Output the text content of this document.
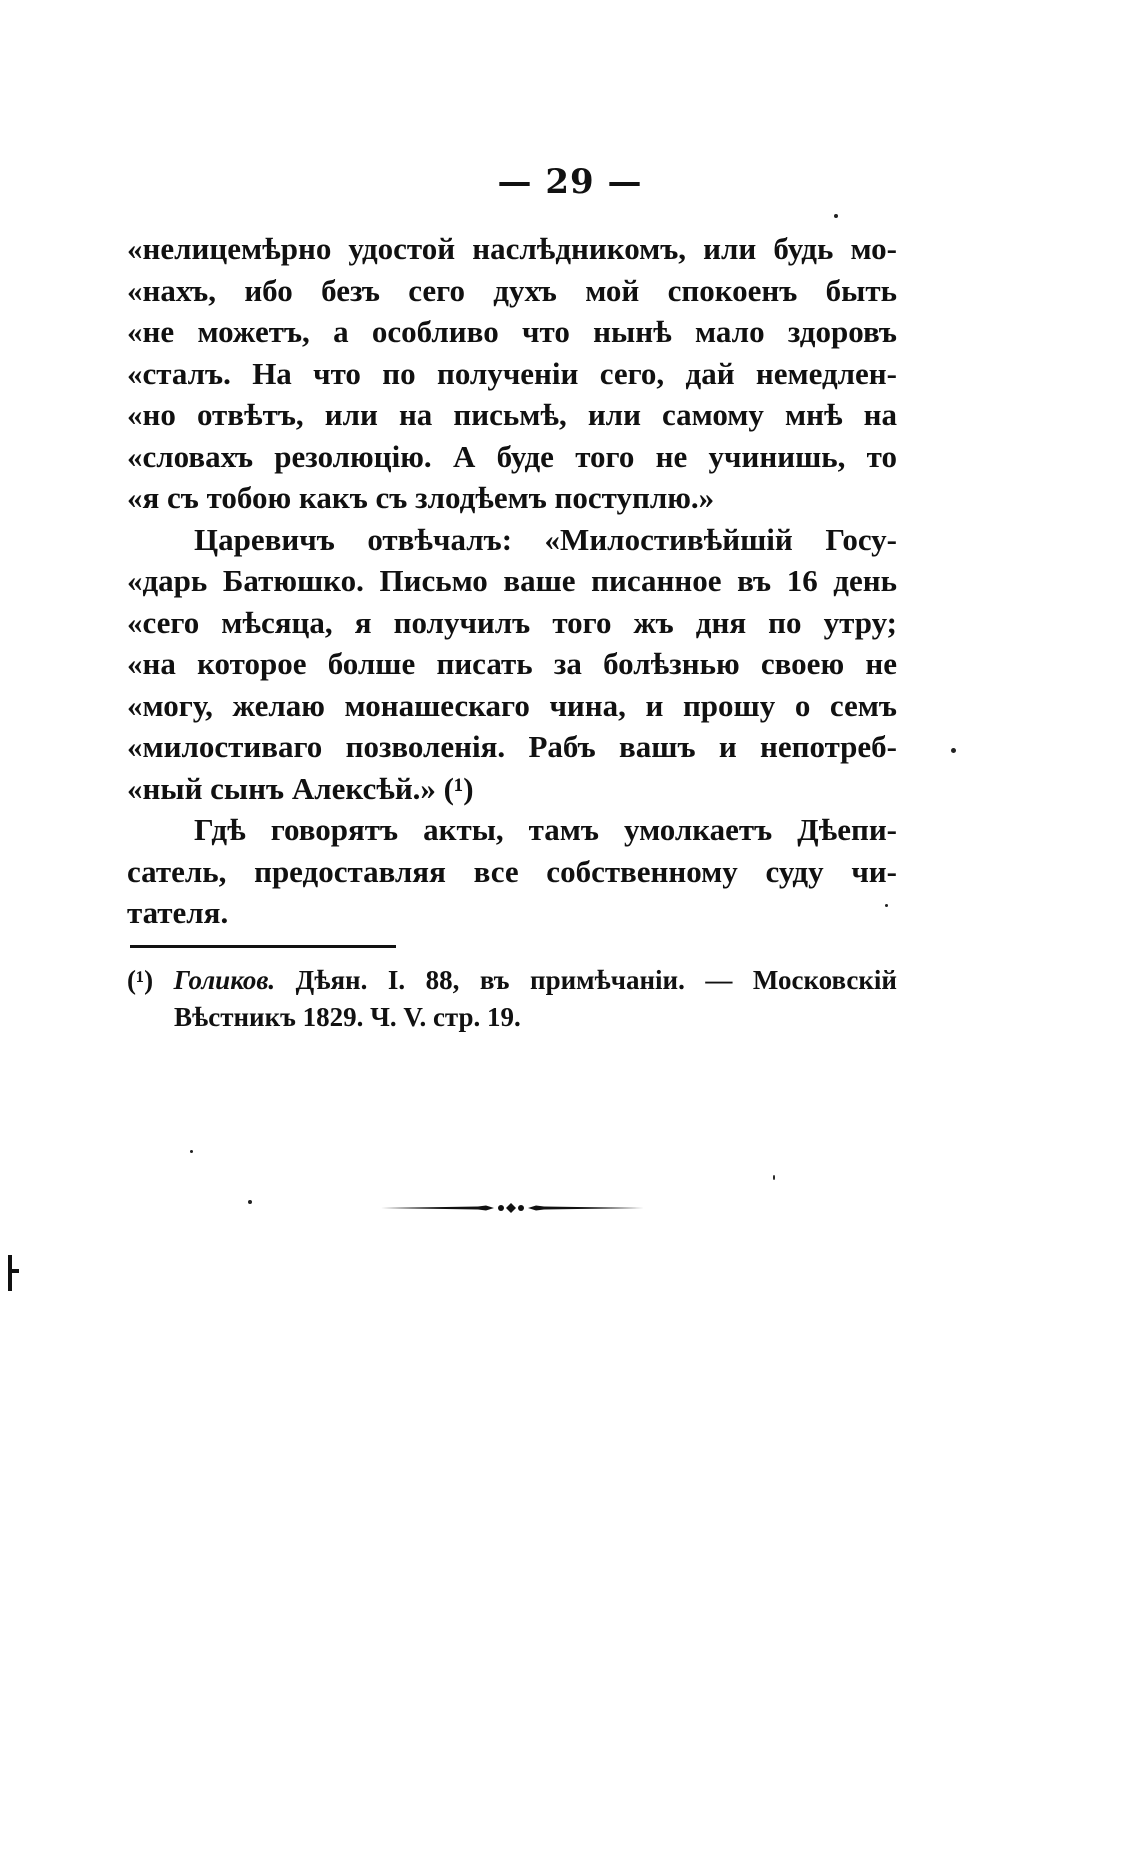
— 29 —
«нелицемѣрно удостой наслѣдникомъ, или будь мо-
«нахъ, ибо безъ сего духъ мой спокоенъ быть
«не можетъ, а особливо что нынѣ мало здоровъ
«сталъ. На что по полученіи сего, дай немедлен-
«но отвѣтъ, или на письмѣ, или самому мнѣ на
«словахъ резолюцію. А буде того не учинишь, то
«я съ тобою какъ съ злодѣемъ поступлю.»
Царевичъ отвѣчалъ: «Милостивѣйшій Госу-
«дарь Батюшко. Письмо ваше писанное въ 16 день
«сего мѣсяца, я получилъ того жъ дня по утру;
«на которое болше писать за болѣзнью своею не
«могу, желаю монашескаго чина, и прошу о семъ
«милостиваго позволенія. Рабъ вашъ и непотреб-
«ный сынъ Алексѣй.» (¹)
Гдѣ говорятъ акты, тамъ умолкаетъ Дѣепи-
сатель, предоставляя все собственному суду чи-
тателя.
(¹) Голиков. Дѣян. I. 88, въ примѣчаніи. — Московскій
Вѣстникъ 1829. Ч. V. стр. 19.
